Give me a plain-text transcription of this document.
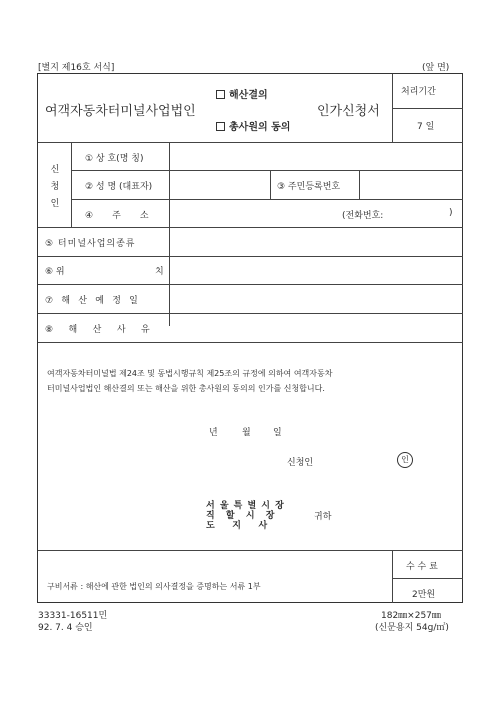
[별지 제16호 서식]	(앞 면)
여객자동차터미널사업법인
해산결의
총사원의 동의
인가신청서
처리기간
7 일
신
청
인
① 상 호(명 칭)
② 성 명 (대표자)	③ 주민등록번호
④ 주 소	(전화번호:	)
⑤ 터미널사업의종류
⑥ 위	치
⑦ 해 산 예 정 일
⑧ 해 산 사 유
여객자동차터미널법 제24조 및 동법시행규칙 제25조의 규정에 의하여 여객자동차
터미널사업법인 해산결의 또는 해산을 위한 총사원의 동의의 인가를 신청합니다.
년	월 일
신청인	인
서 울 특 별 시 장
직 할 시 장
도 지 사
귀하
구비서류 : 해산에 관한 법인의 의사결정을 증명하는 서류 1부
수 수 료
2만원
33331-16511민
92. 7. 4 승인
182㎜×257㎜
(신문용지 54g/㎡)
